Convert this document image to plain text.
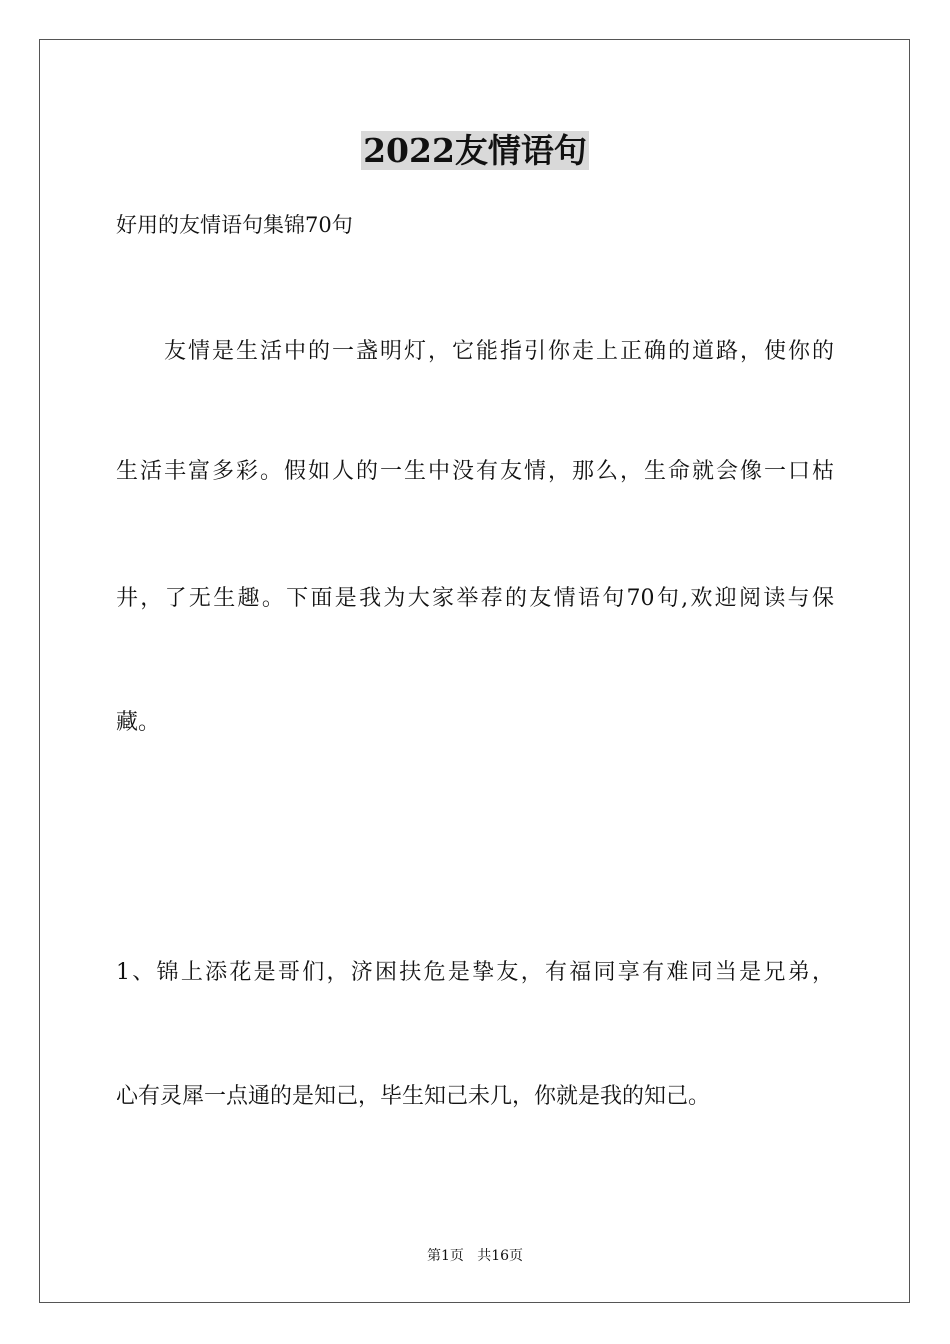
2022友情语句
好用的友情语句集锦70句
友情是生活中的一盏明灯，它能指引你走上正确的道路，使你的
生活丰富多彩。假如人的一生中没有友情，那么，生命就会像一口枯
井，了无生趣。下面是我为大家举荐的友情语句70句,欢迎阅读与保
藏。
1、锦上添花是哥们，济困扶危是挚友，有福同享有难同当是兄弟，
心有灵犀一点通的是知己，毕生知己未几，你就是我的知己。
第1页   共16页
